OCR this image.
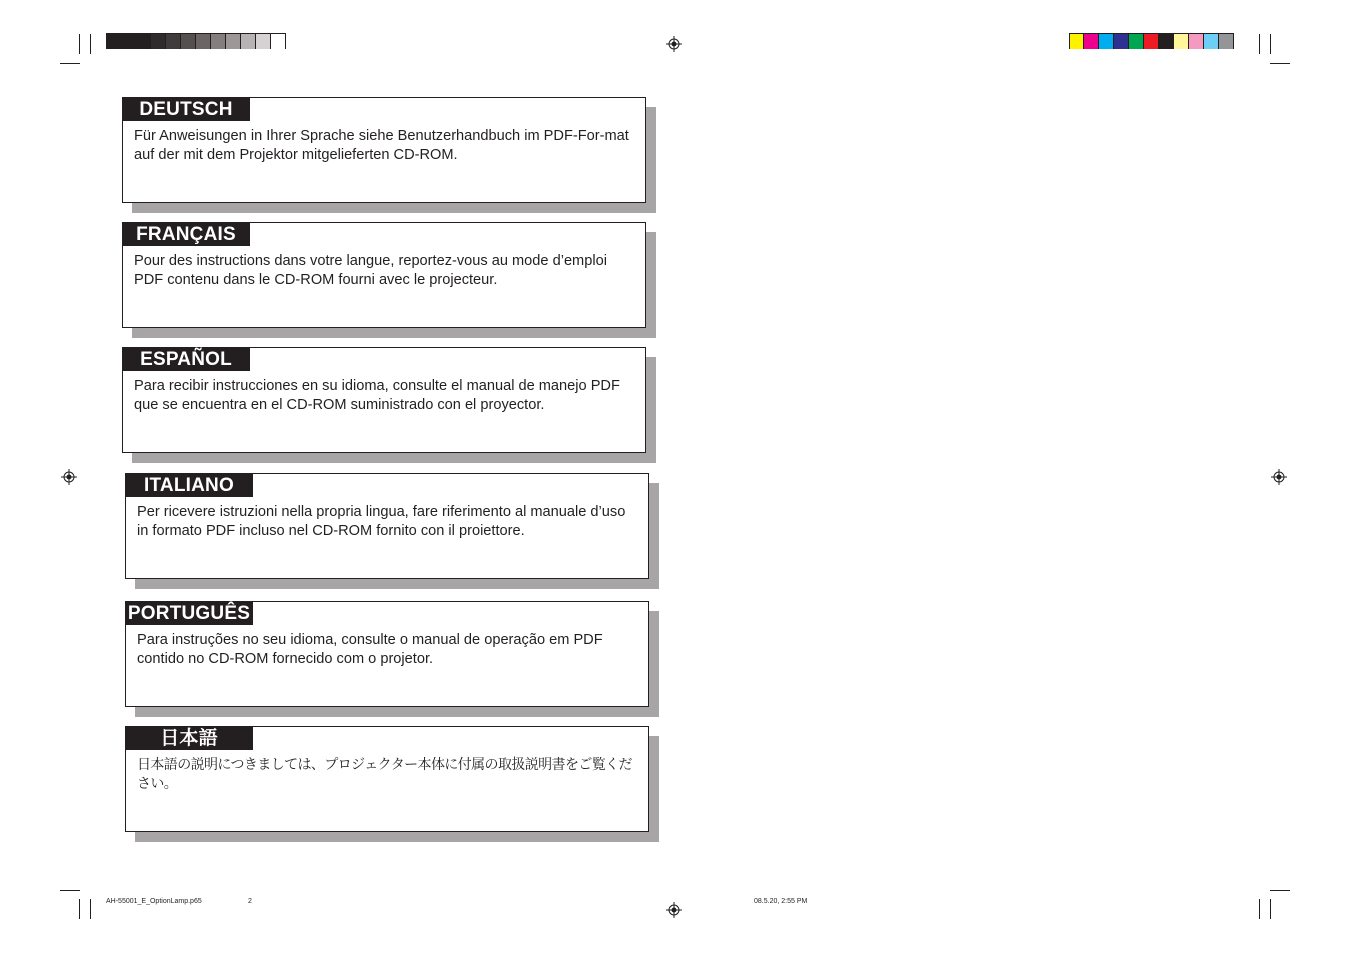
DEUTSCH
Für Anweisungen in Ihrer Sprache siehe Benutzerhandbuch im PDF-For-mat auf der mit dem Projektor mitgelieferten CD-ROM.
FRANÇAIS
Pour des instructions dans votre langue, reportez-vous au mode d’emploi PDF contenu dans le CD-ROM fourni avec le projecteur.
ESPAÑOL
Para recibir instrucciones en su idioma, consulte el manual de manejo PDF que se encuentra en el CD-ROM suministrado con el proyector.
ITALIANO
Per ricevere istruzioni nella propria lingua, fare riferimento al manuale d’uso in formato PDF incluso nel CD-ROM fornito con il proiettore.
PORTUGUÊS
Para instruções no seu idioma, consulte o manual de operação em PDF contido no CD-ROM fornecido com o projetor.
日本語
日本語の説明につきましては、プロジェクター本体に付属の取扱説明書をご覧ください。
AH-55001_E_OptionLamp.p65	2	08.5.20, 2:55 PM
